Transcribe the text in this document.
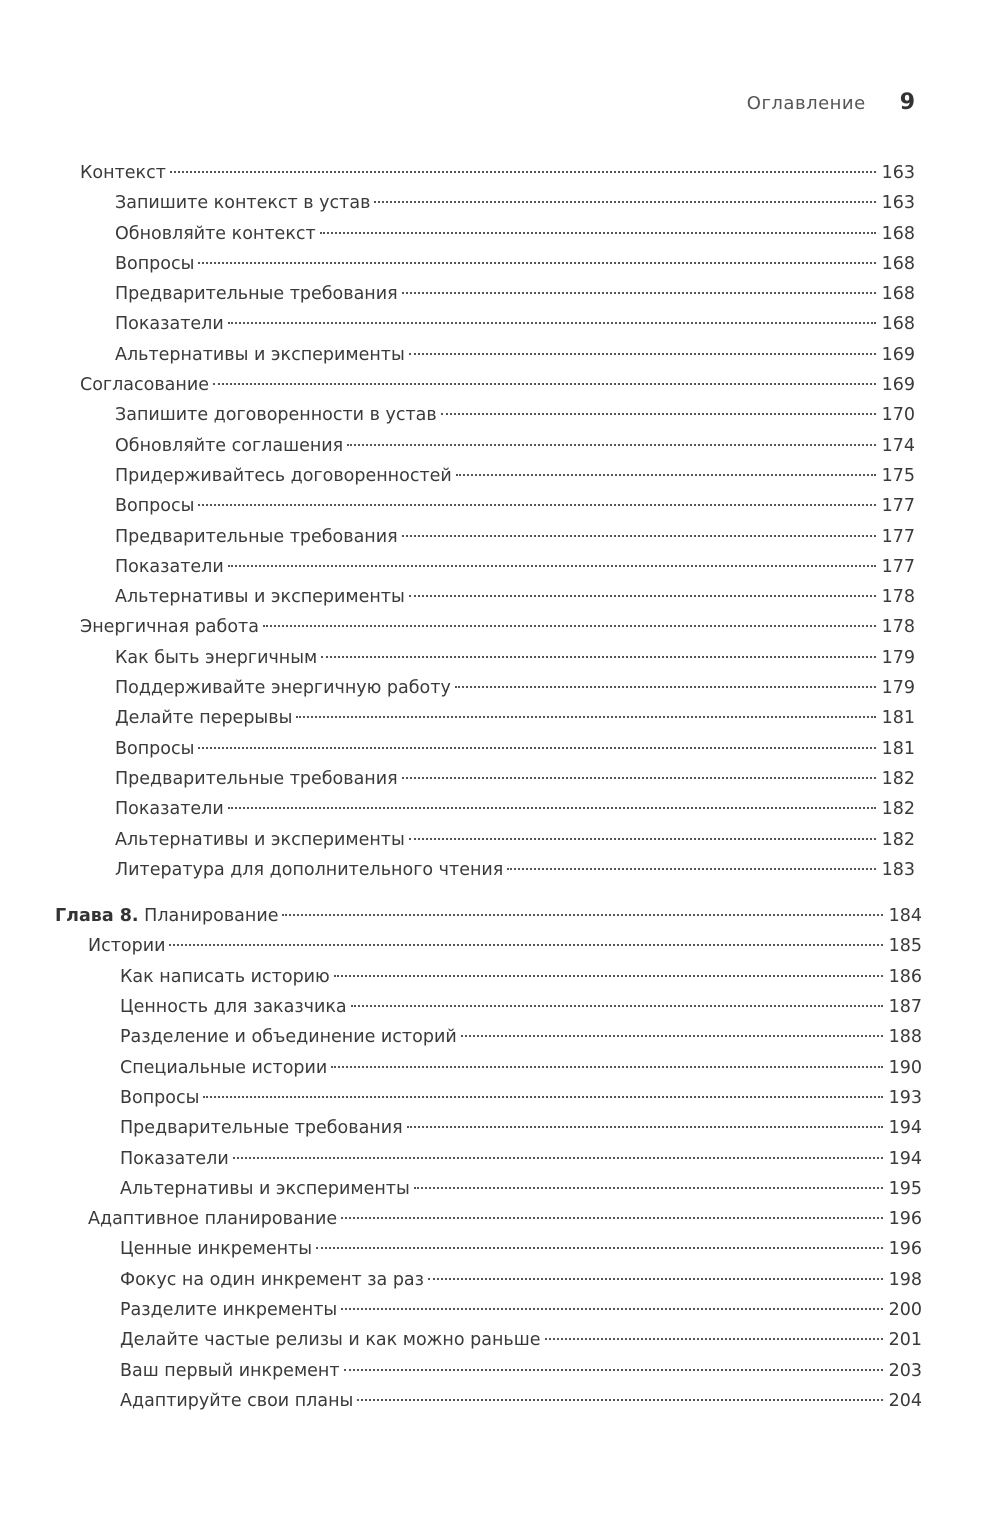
Оглавление 9
Контекст	163
Запишите контекст в устав	163
Обновляйте контекст	168
Вопросы	168
Предварительные требования	168
Показатели	168
Альтернативы и эксперименты	169
Согласование	169
Запишите договоренности в устав	170
Обновляйте соглашения	174
Придерживайтесь договоренностей	175
Вопросы	177
Предварительные требования	177
Показатели	177
Альтернативы и эксперименты	178
Энергичная работа	178
Как быть энергичным	179
Поддерживайте энергичную работу	179
Делайте перерывы	181
Вопросы	181
Предварительные требования	182
Показатели	182
Альтернативы и эксперименты	182
Литература для дополнительного чтения	183
Глава 8. Планирование	184
Истории	185
Как написать историю	186
Ценность для заказчика	187
Разделение и объединение историй	188
Специальные истории	190
Вопросы	193
Предварительные требования	194
Показатели	194
Альтернативы и эксперименты	195
Адаптивное планирование	196
Ценные инкременты	196
Фокус на один инкремент за раз	198
Разделите инкременты	200
Делайте частые релизы и как можно раньше	201
Ваш первый инкремент	203
Адаптируйте свои планы	204
